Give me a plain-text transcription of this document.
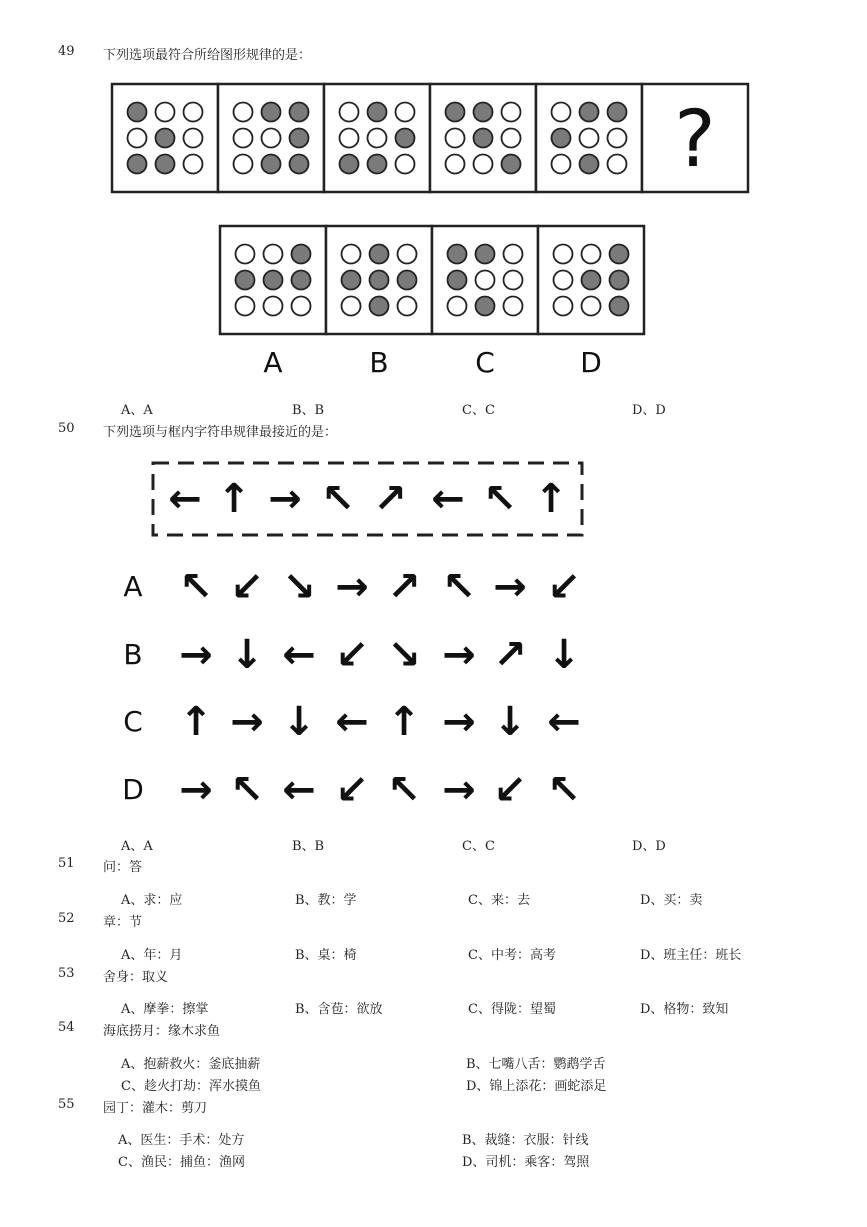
49 下列选项最符合所给图形规律的是：
?
A	B	C	D
A、A	B、B	C、C	D、D
50 下列选项与框内字符串规律最接近的是：
← ↑ → ↖ ↗ ← ↖ ↑
A ↖ ↙ ↘ → ↗ ↖ → ↙
B → ↓ ← ↙ ↘ → ↗ ↓
C ↑ → ↓ ← ↑ → ↓ ←
D → ↖ ← ↙ ↖ → ↙ ↖
A、A	B、B	C、C	D、D
51 问：答
A、求：应	B、教：学	C、来：去	D、买：卖
52 章：节
A、年：月	B、桌：椅	C、中考：高考	D、班主任：班长
53 舍身：取义
A、摩拳：擦掌	B、含苞：欲放	C、得陇：望蜀	D、格物：致知
54 海底捞月：缘木求鱼
A、抱薪救火：釜底抽薪	B、七嘴八舌：鹦鹉学舌
C、趁火打劫：浑水摸鱼	D、锦上添花：画蛇添足
55 园丁：灌木：剪刀
A、医生：手术：处方	B、裁缝：衣服：针线
C、渔民：捕鱼：渔网	D、司机：乘客：驾照
